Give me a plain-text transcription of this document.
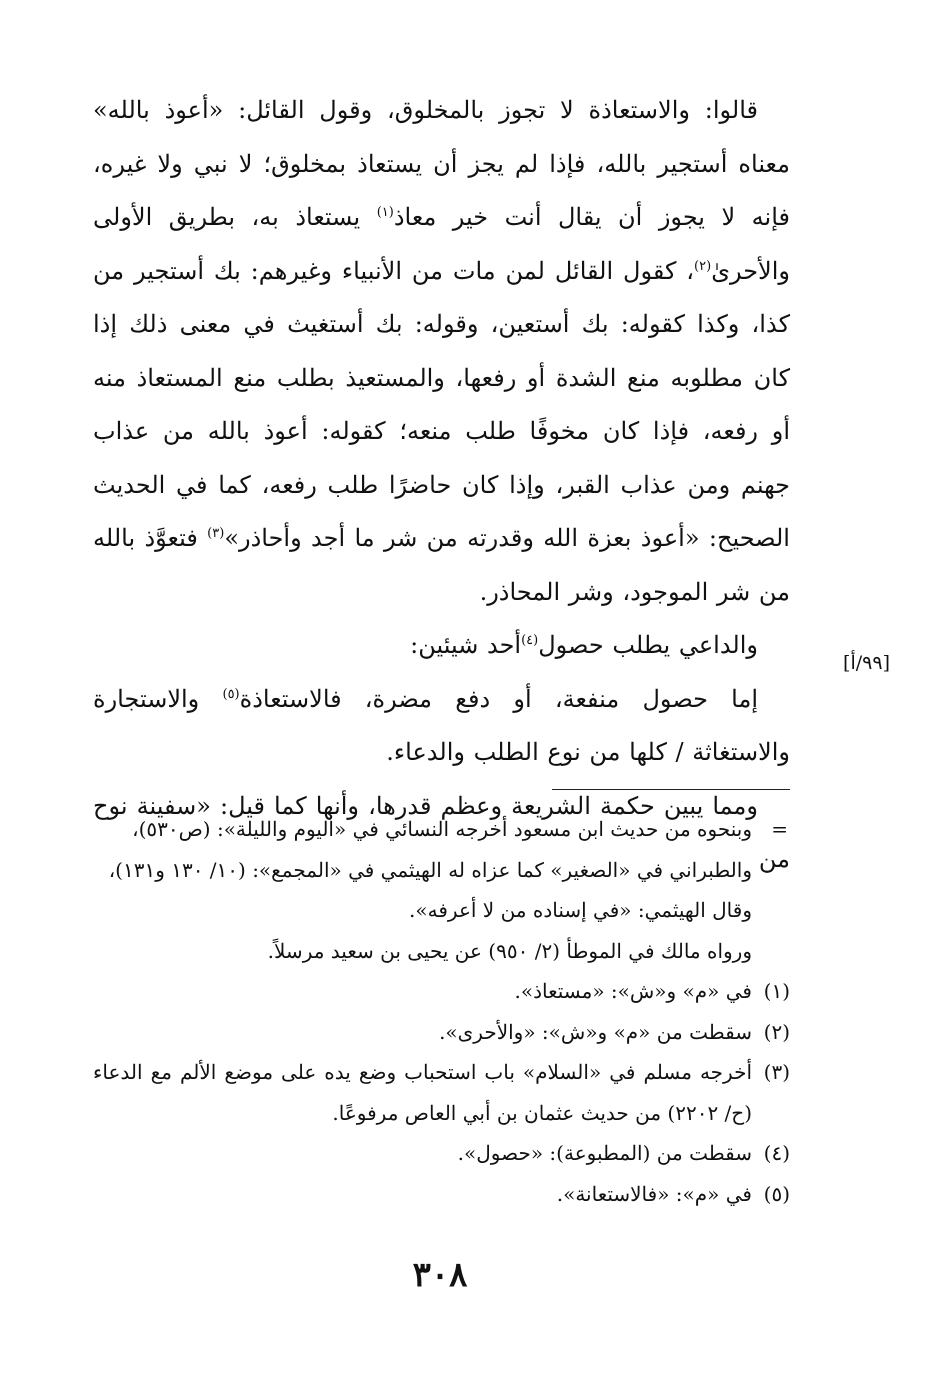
قالوا: والاستعاذة لا تجوز بالمخلوق، وقول القائل: «أعوذ بالله» معناه أستجير بالله، فإذا لم يجز أن يستعاذ بمخلوق؛ لا نبي ولا غيره، فإنه لا يجوز أن يقال أنت خير معاذ$^{(١)}$ يستعاذ به، بطريق الأولى والأحرىٰ$^{(٢)}$، كقول القائل لمن مات من الأنبياء وغيرهم: بك أستجير من كذا، وكذا كقوله: بك أستعين، وقوله: بك أستغيث في معنى ذلك إذا كان مطلوبه منع الشدة أو رفعها، والمستعيذ بطلب منع المستعاذ منه أو رفعه، فإذا كان مخوفًا طلب منعه؛ كقوله: أعوذ بالله من عذاب جهنم ومن عذاب القبر، وإذا كان حاضرًا طلب رفعه، كما في الحديث الصحيح: «أعوذ بعزة الله وقدرته من شر ما أجد وأحاذر»$^{(٣)}$ فتعوَّذ بالله من شر الموجود، وشر المحاذر.

والداعي يطلب حصول$^{(٤)}$أحد شيئين:

إما حصول منفعة، أو دفع مضرة، فالاستعاذة$^{(٥)}$ والاستجارة والاستغاثة / كلها من نوع الطلب والدعاء.

ومما يبين حكمة الشريعة وعظم قدرها، وأنها كما قيل: «سفينة نوح من

[٩٩/أ]

=
وبنحوه من حديث ابن مسعود أخرجه النسائي في «اليوم والليلة»: (ص٥٣٠)، والطبراني في «الصغير» كما عزاه له الهيثمي في «المجمع»: (١٠/ ١٣٠ و١٣١)، وقال الهيثمي: «في إسناده من لا أعرفه».

ورواه مالك في الموطأ (٢/ ٩٥٠) عن يحيى بن سعيد مرسلاً.

(١)
في «م» و«ش»: «مستعاذ».
(٢)
سقطت من «م» و«ش»: «والأحرى».
(٣)
أخرجه مسلم في «السلام» باب استحباب وضع يده على موضع الألم مع الدعاء (ح/ ٢٢٠٢) من حديث عثمان بن أبي العاص مرفوعًا.
(٤)
سقطت من (المطبوعة): «حصول».
(٥)
في «م»: «فالاستعانة».
٣٠٨
